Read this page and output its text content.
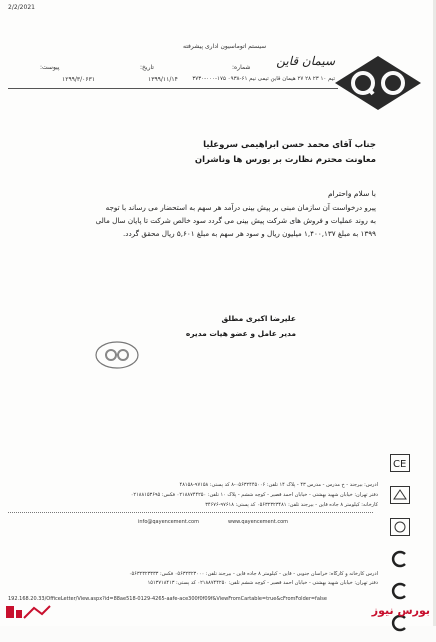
2/2/2021
سیستم اتوماسیون اداری پیشرفته
سیمان قاین
تیم ۱۰ ۲۳ ۲۸ ۲۷ هیمان قاین تیمی نیم ۶۱-۰۹۳۸ ۱۷۵-۰۰۰-۳۷۳۰
شماره:
تاریخ:
پیوست:
۱۳۹۹/۱۱/۱۴
۱۲۹۹/۳/۰۶۳۱
جناب آقای محمد حسن ابراهیمی سروعلیا
معاونت محترم نظارت بر بورس ها وناشران
با سلام واحترام
پیرو درخواست آن سازمان مبنی بر پیش بینی درآمد هر سهم به استحضار می رساند با توجه
به روند عملیات و فروش های شرکت پیش بینی می گردد سود خالص شرکت تا پایان سال مالی
۱۳۹۹ به مبلغ ۱,۴۰۰,۱۳۷ میلیون ریال و سود هر سهم به مبلغ ۵,۶۰۱ ریال محقق گردد.
علیرضا اکبری مطلق
مدیر عامل و عضو هیات مدیره
CE

آدرس: بیرجند - خ مدرس - مدرس ۴۳ - پلاک ۱۴ تلفن: ۰۵۶۳۲۴۴۵۰۰۶-۸ کد پستی: ۹۷۱۵۸-۴۸۱۵۸
دفتر تهران: خیابان شهید بهشتی - خیابان احمد قصیر - کوچه ششم - پلاک ۱۰ تلفن: ۰۲۱۸۸۷۴۴۲۵۰ فکس: ۰۲۱۸۸۱۵۳۶۹۵
کارخانه: کیلومتر ۸ جاده قاین - بیرجند تلفن: ۰۵۶۳۲۳۲۳۴۸۱ کد پستی: ۹۷۶۱۸-۳۴۶۷۶
info@qayencement.com	www.qayencement.com
آدرس کارخانه و کارگاه: خراسان جنوبی - قاین - کیلومتر ۸ جاده قاین - بیرجند تلفن: ۰۵۶۳۲۳۲۳۰۰۰ فکس: ۰۵۶۳۲۳۲۳۳۳۳
دفتر تهران: خیابان شهید بهشتی - خیابان احمد قصیر - کوچه ششم تلفن: ۰۲۱۸۸۷۴۴۲۵۰ کد پستی: ۱۵۱۳۷۱۸۴۱۳
192.168.20.33/OfficeLetter/View.aspx?id=88ae518-0129-4265-aafe-ace300f0f09f&ViewFromCartable=true&cFromFolder=false
بورس نیوز
